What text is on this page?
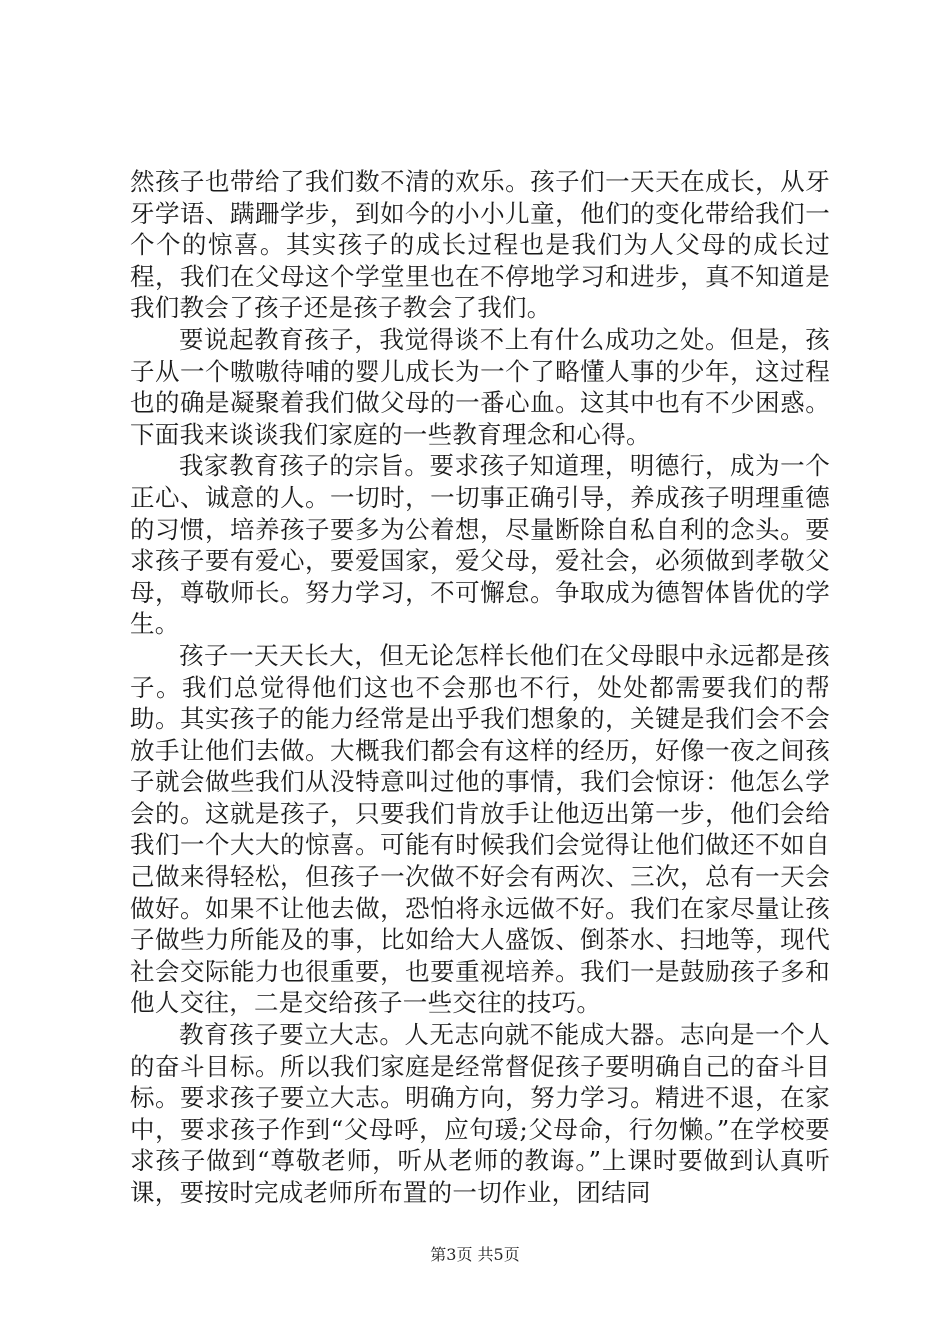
然孩子也带给了我们数不清的欢乐。孩子们一天天在成长，从牙牙学语、蹒跚学步，到如今的小小儿童，他们的变化带给我们一个个的惊喜。其实孩子的成长过程也是我们为人父母的成长过程，我们在父母这个学堂里也在不停地学习和进步，真不知道是我们教会了孩子还是孩子教会了我们。

要说起教育孩子，我觉得谈不上有什么成功之处。但是，孩子从一个嗷嗷待哺的婴儿成长为一个了略懂人事的少年，这过程也的确是凝聚着我们做父母的一番心血。这其中也有不少困惑。下面我来谈谈我们家庭的一些教育理念和心得。

我家教育孩子的宗旨。要求孩子知道理，明德行，成为一个正心、诚意的人。一切时，一切事正确引导，养成孩子明理重德的习惯，培养孩子要多为公着想，尽量断除自私自利的念头。要求孩子要有爱心，要爱国家，爱父母，爱社会，必须做到孝敬父母，尊敬师长。努力学习，不可懈怠。争取成为德智体皆优的学生。

孩子一天天长大，但无论怎样长他们在父母眼中永远都是孩子。我们总觉得他们这也不会那也不行，处处都需要我们的帮助。其实孩子的能力经常是出乎我们想象的，关键是我们会不会放手让他们去做。大概我们都会有这样的经历，好像一夜之间孩子就会做些我们从没特意叫过他的事情，我们会惊讶：他怎么学会的。这就是孩子，只要我们肯放手让他迈出第一步，他们会给我们一个大大的惊喜。可能有时候我们会觉得让他们做还不如自己做来得轻松，但孩子一次做不好会有两次、三次，总有一天会做好。如果不让他去做，恐怕将永远做不好。我们在家尽量让孩子做些力所能及的事，比如给大人盛饭、倒茶水、扫地等，现代社会交际能力也很重要，也要重视培养。我们一是鼓励孩子多和他人交往，二是交给孩子一些交往的技巧。

教育孩子要立大志。人无志向就不能成大器。志向是一个人的奋斗目标。所以我们家庭是经常督促孩子要明确自己的奋斗目标。要求孩子要立大志。明确方向，努力学习。精进不退，在家中，要求孩子作到“父母呼，应句瑗;父母命，行勿懒。”在学校要求孩子做到“尊敬老师，听从老师的教诲。”上课时要做到认真听课，要按时完成老师所布置的一切作业，团结同

第3页 共5页
